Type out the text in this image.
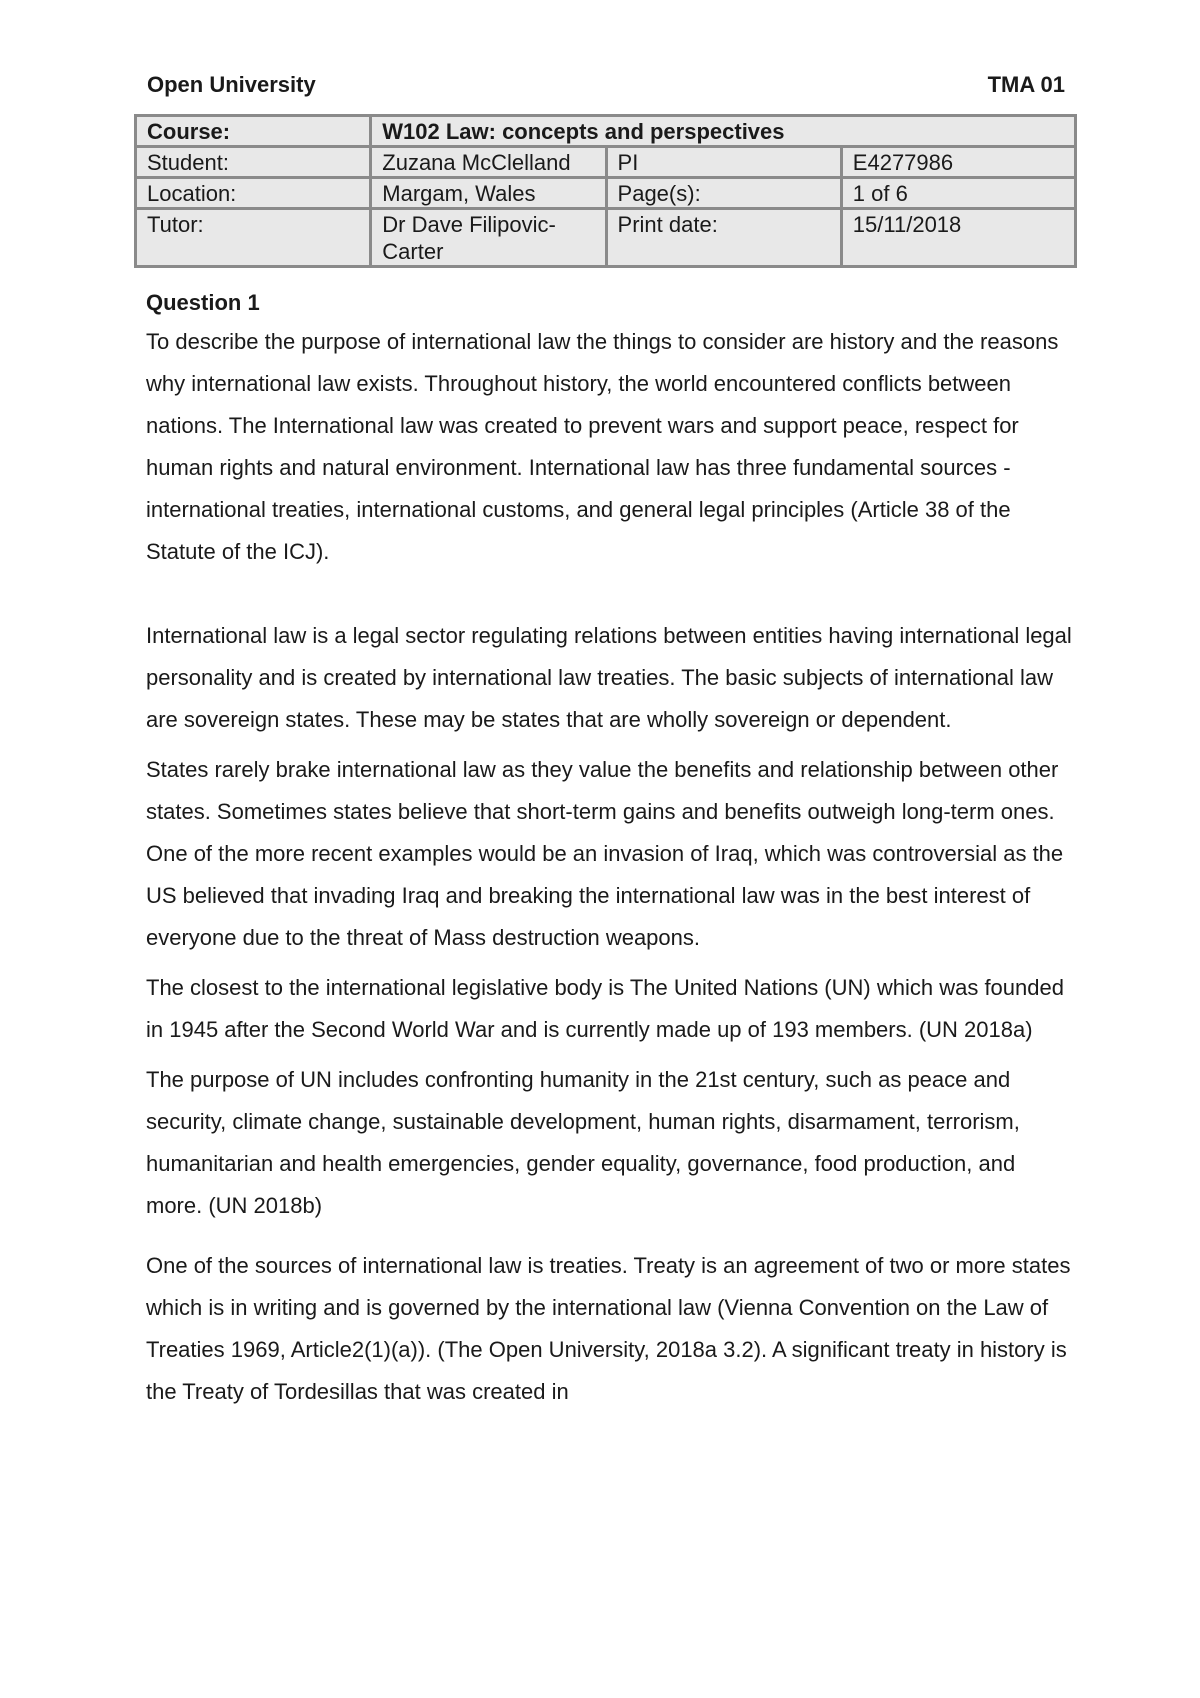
Open University	TMA 01
Course:	W102 Law: concepts and perspectives		
Student:	Zuzana McClelland	PI	E4277986
Location:	Margam, Wales	Page(s):	1 of 6
Tutor:	Dr Dave Filipovic-Carter	Print date:	15/11/2018
Question 1

To describe the purpose of international law the things to consider are history and the reasons why international law exists. Throughout history, the world encountered conflicts between nations. The International law was created to prevent wars and support peace, respect for human rights and natural environment. International law has three fundamental sources - international treaties, international customs, and general legal principles (Article 38 of the Statute of the ICJ).

International law is a legal sector regulating relations between entities having international legal personality and is created by international law treaties. The basic subjects of international law are sovereign states. These may be states that are wholly sovereign or dependent.

States rarely brake international law as they value the benefits and relationship between other states. Sometimes states believe that short-term gains and benefits outweigh long-term ones. One of the more recent examples would be an invasion of Iraq, which was controversial as the US believed that invading Iraq and breaking the international law was in the best interest of everyone due to the threat of Mass destruction weapons.

The closest to the international legislative body is The United Nations (UN) which was founded in 1945 after the Second World War and is currently made up of 193 members. (UN 2018a)

The purpose of UN includes confronting humanity in the 21st century, such as peace and security, climate change, sustainable development, human rights, disarmament, terrorism, humanitarian and health emergencies, gender equality, governance, food production, and more. (UN 2018b)

One of the sources of international law is treaties. Treaty is an agreement of two or more states which is in writing and is governed by the international law (Vienna Convention on the Law of Treaties 1969, Article2(1)(a)). (The Open University, 2018a 3.2). A significant treaty in history is the Treaty of Tordesillas that was created in
